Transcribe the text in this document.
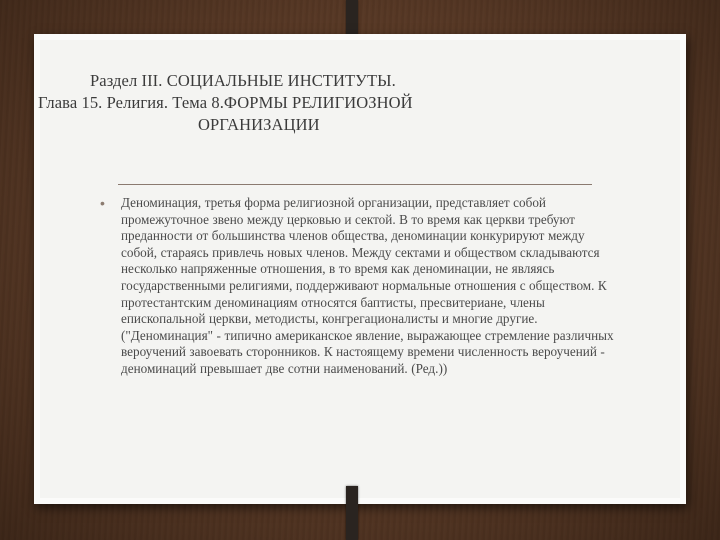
Раздел III. СОЦИАЛЬНЫЕ ИНСТИТУТЫ.
Глава 15. Религия. Тема 8.ФОРМЫ РЕЛИГИОЗНОЙ
ОРГАНИЗАЦИИ
• Деноминация, третья форма религиозной организации, представляет собой промежуточное звено между церковью и сектой. В то время как церкви требуют преданности от большинства членов общества, деноминации конкурируют между собой, стараясь привлечь новых членов. Между сектами и обществом складываются несколько напряженные отношения, в то время как деноминации, не являясь государственными религиями, поддерживают нормальные отношения с обществом. К протестантским деноминациям относятся баптисты, пресвитериане, члены епископальной церкви, методисты, конгрегационалисты и многие другие.("Деноминация" - типично американское явление, выражающее стремление различных вероучений завоевать сторонников. К настоящему времени численность вероучений - деноминаций превышает две сотни наименований. (Ред.))
